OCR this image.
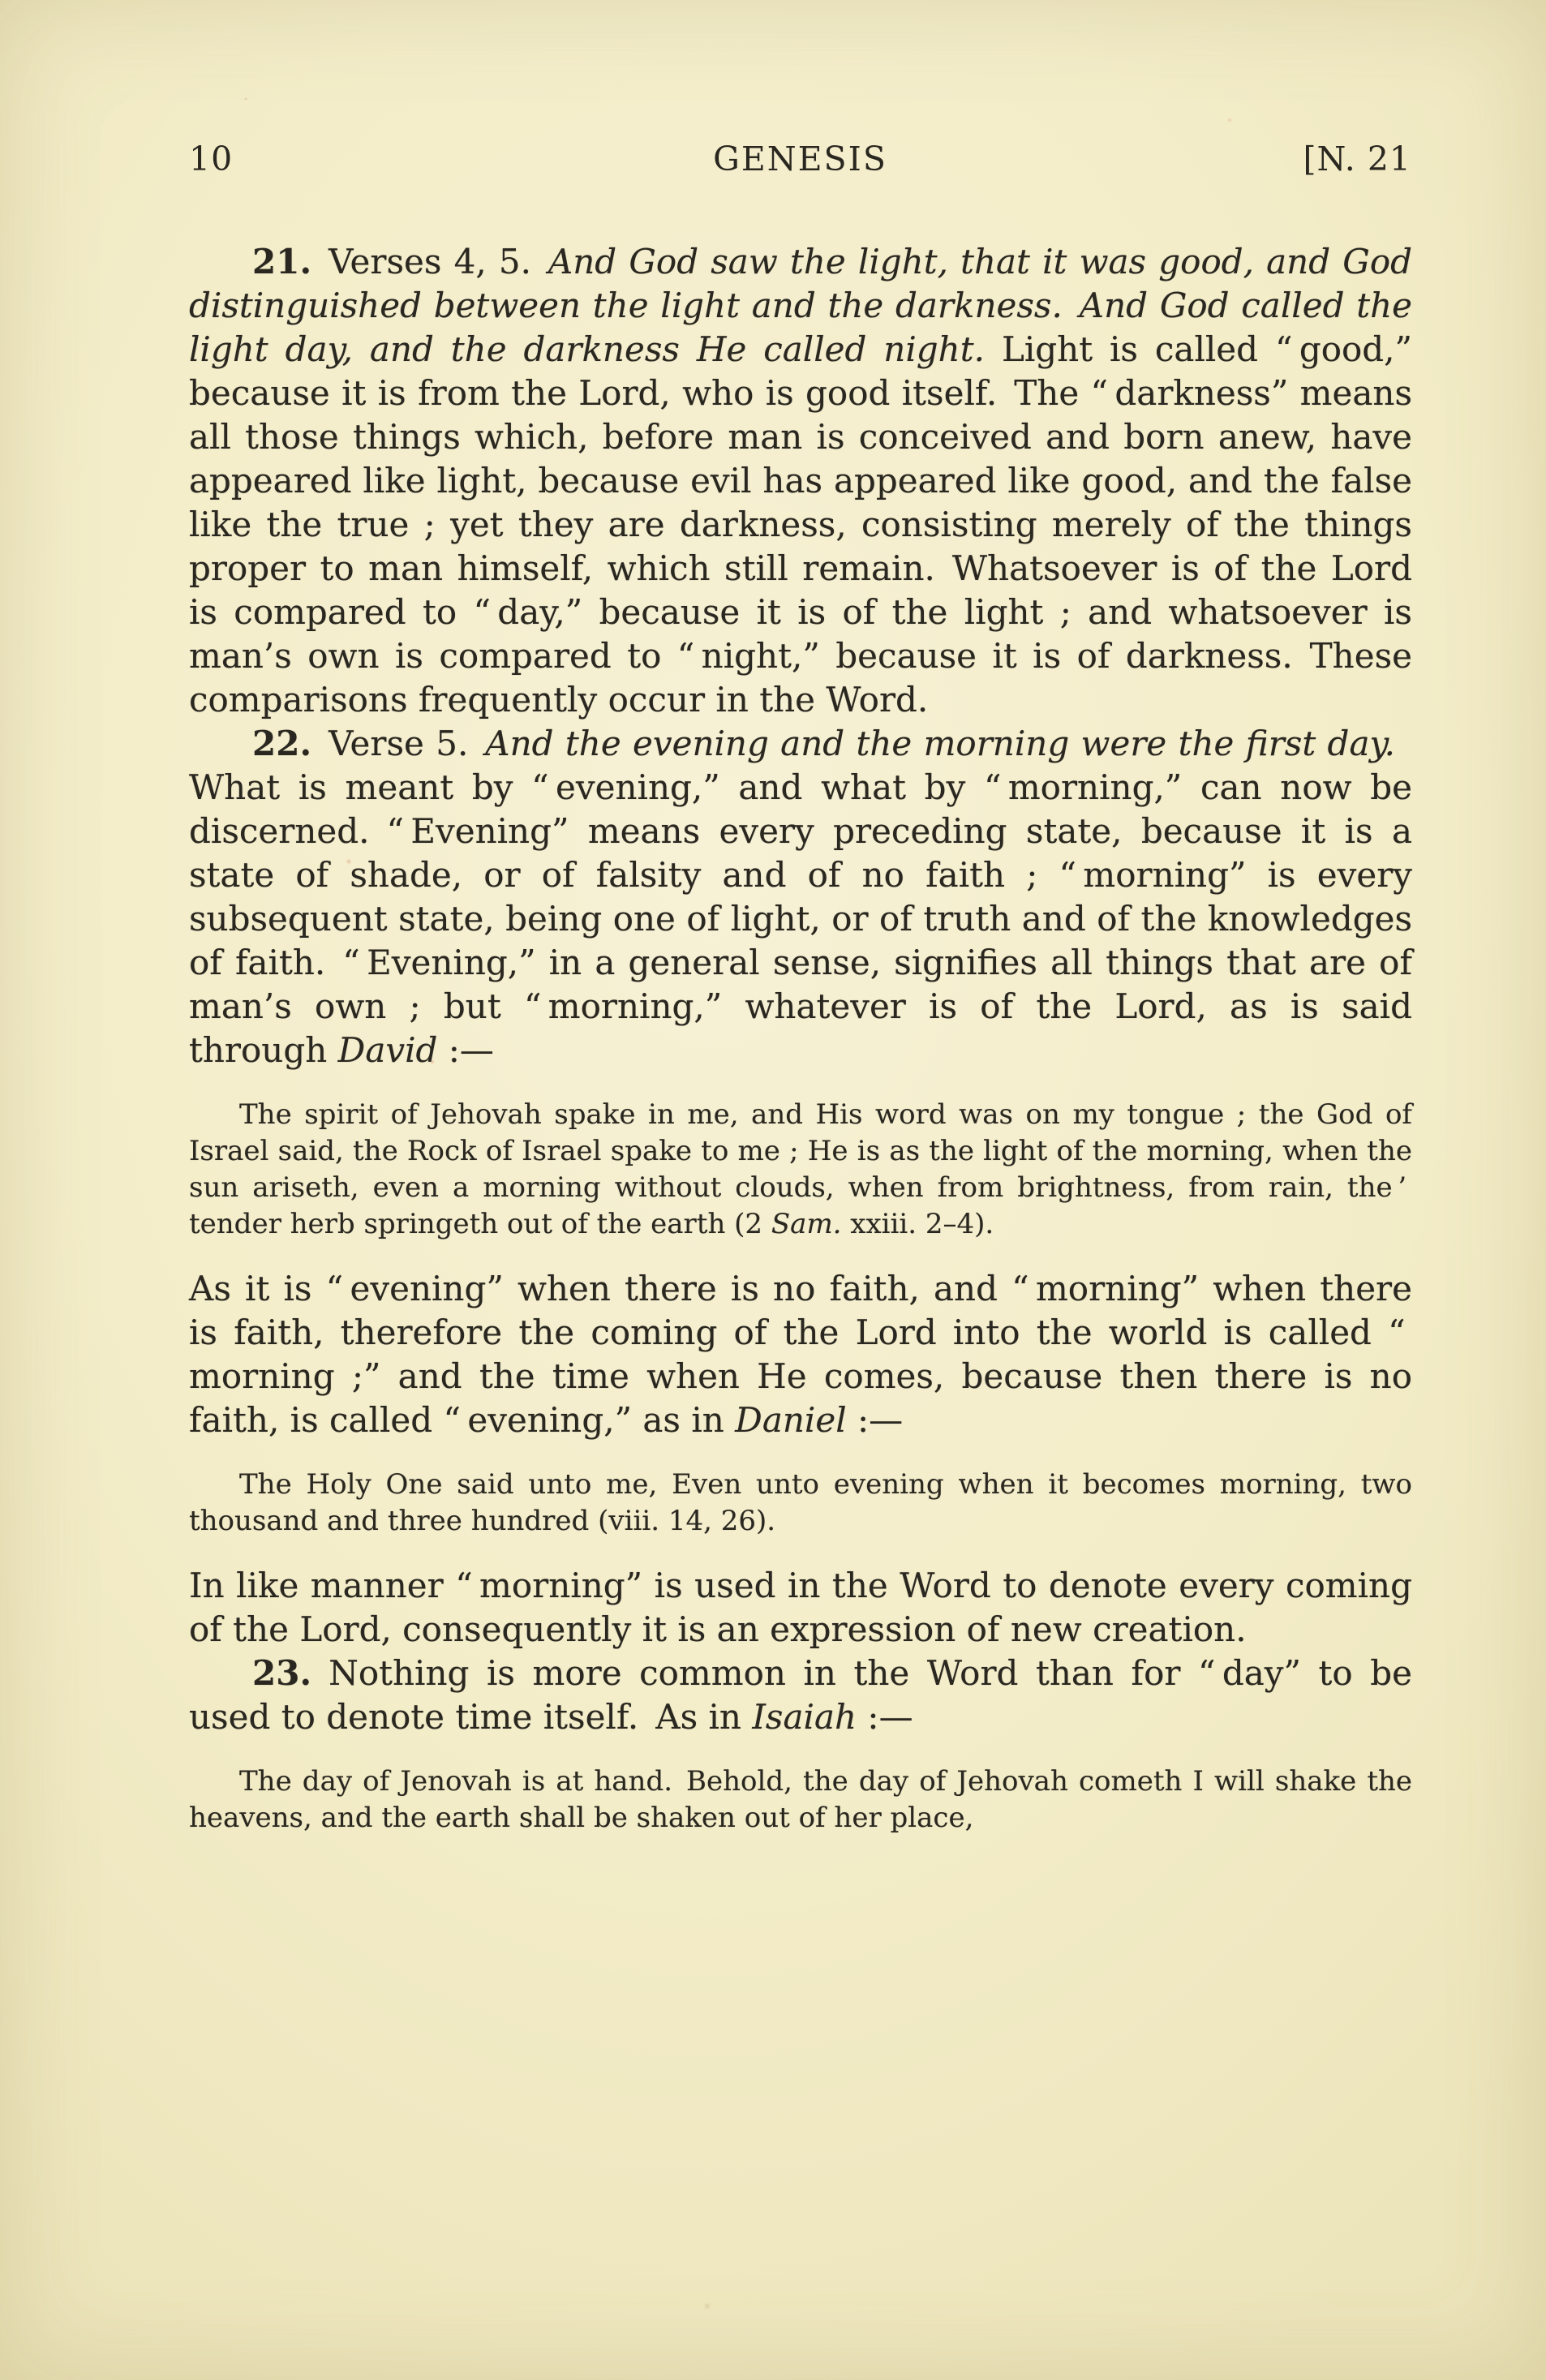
10	GENESIS	[N. 21

21. Verses 4, 5. And God saw the light, that it was good, and God distinguished between the light and the darkness. And God called the light day, and the darkness He called night. Light is called “ good,” because it is from the Lord, who is good itself. The “ darkness” means all those things which, before man is conceived and born anew, have appeared like light, because evil has appeared like good, and the false like the true ; yet they are darkness, consisting merely of the things proper to man himself, which still remain. Whatsoever is of the Lord is compared to “ day,” because it is of the light ; and whatsoever is man’s own is compared to “ night,” because it is of darkness. These comparisons frequently occur in the Word.

22. Verse 5. And the evening and the morning were the first day. What is meant by “ evening,” and what by “ morning,” can now be discerned. “ Evening” means every preceding state, because it is a state of shade, or of falsity and of no faith ; “ morning” is every subsequent state, being one of light, or of truth and of the knowledges of faith. “ Evening,” in a general sense, signifies all things that are of man’s own ; but “ morning,” whatever is of the Lord, as is said through David :—

The spirit of Jehovah spake in me, and His word was on my tongue ; the God of Israel said, the Rock of Israel spake to me ; He is as the light of the morning, when the sun ariseth, even a morning without clouds, when from brightness, from rain, the ’ tender herb springeth out of the earth (2 Sam. xxiii. 2–4).

As it is “ evening” when there is no faith, and “ morning” when there is faith, therefore the coming of the Lord into the world is called “ morning ;” and the time when He comes, because then there is no faith, is called “ evening,” as in Daniel :—

The Holy One said unto me, Even unto evening when it becomes morning, two thousand and three hundred (viii. 14, 26).

In like manner “ morning” is used in the Word to denote every coming of the Lord, consequently it is an expression of new creation.

23. Nothing is more common in the Word than for “ day” to be used to denote time itself. As in Isaiah :—

The day of Jenovah is at hand. Behold, the day of Jehovah cometh I will shake the heavens, and the earth shall be shaken out of her place,
